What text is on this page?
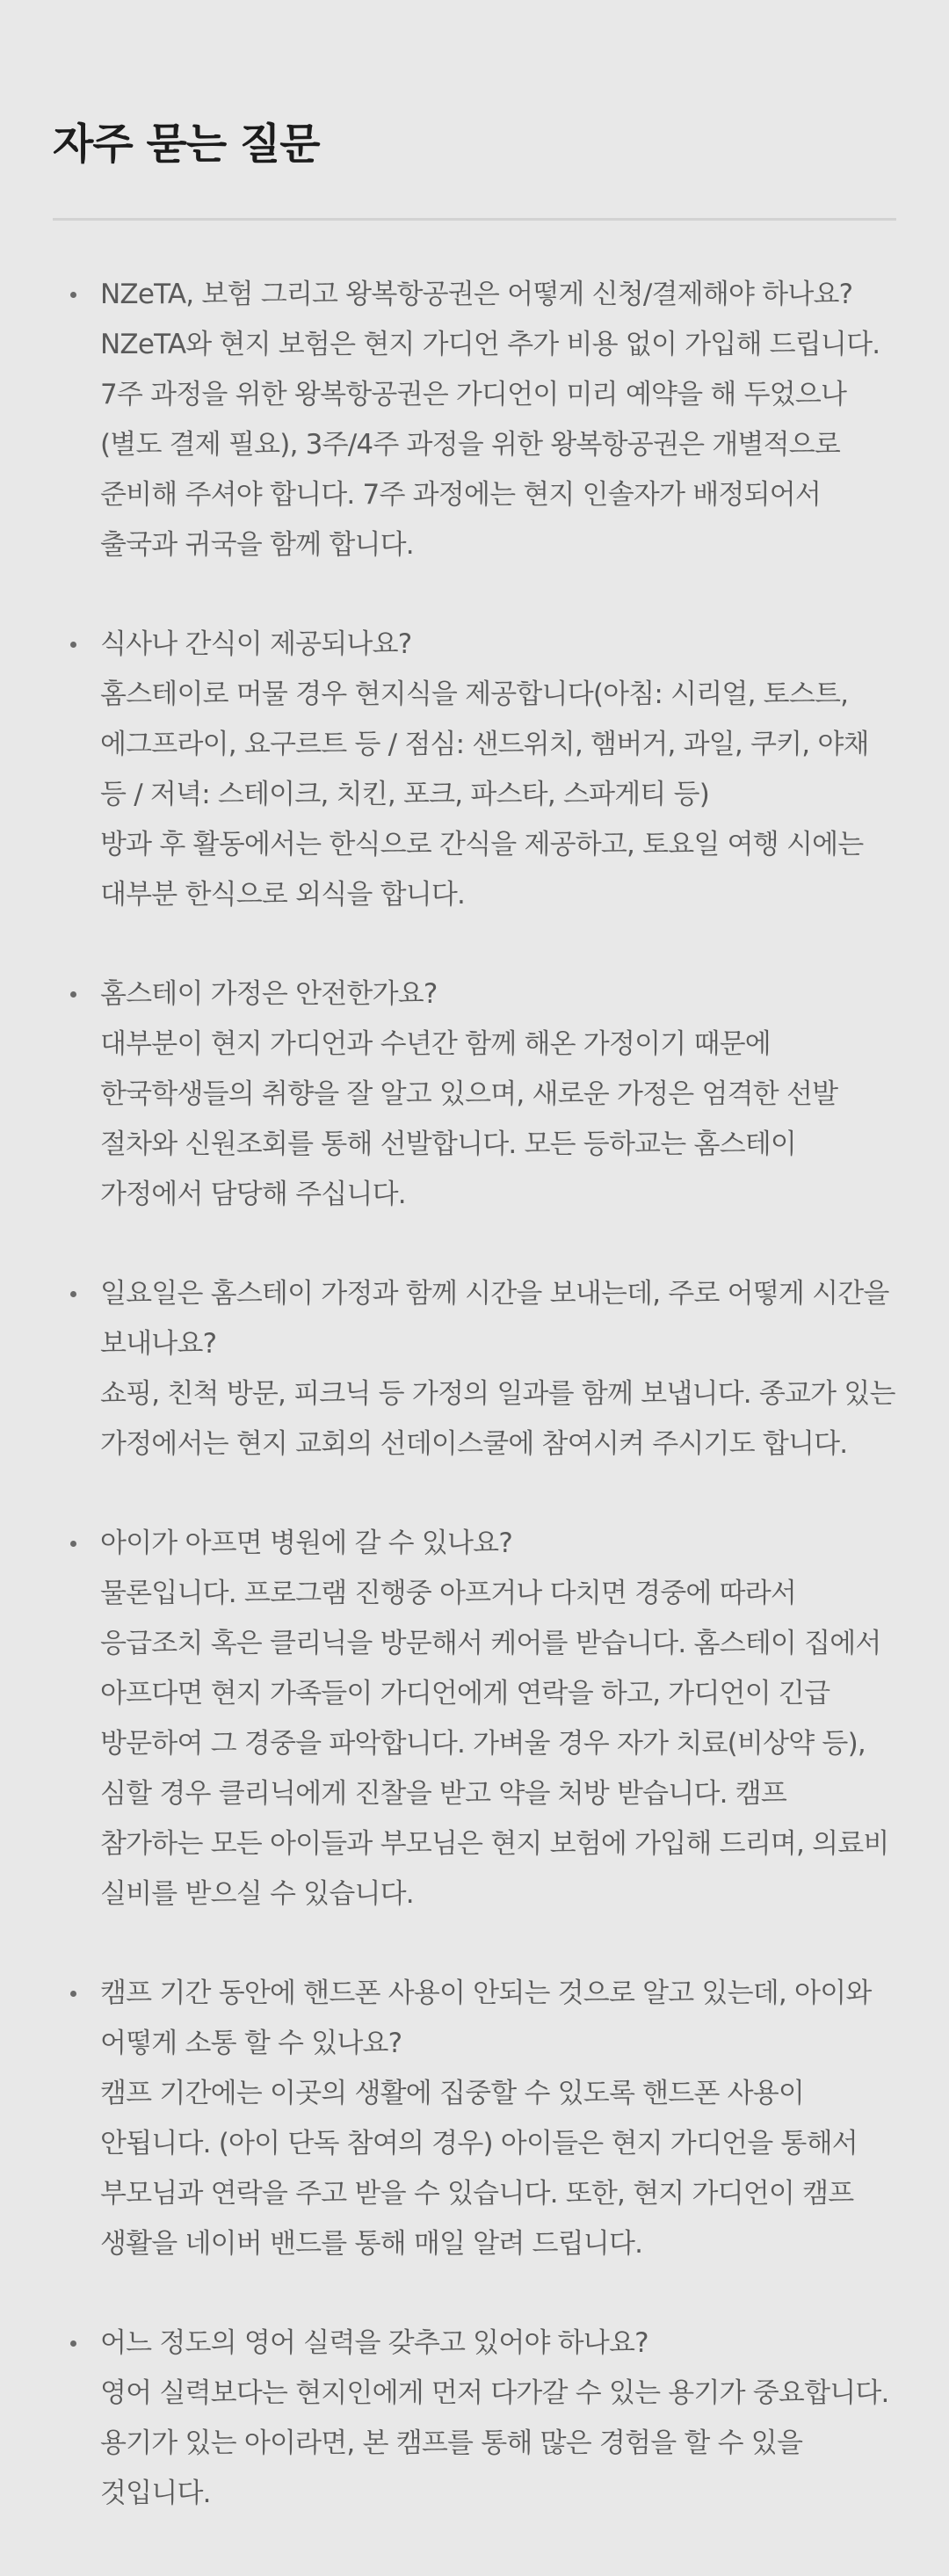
자주 묻는 질문
NZeTA, 보험 그리고 왕복항공권은 어떻게 신청/결제해야 하나요?
NZeTA와 현지 보험은 현지 가디언 추가 비용 없이 가입해 드립니다. 7주 과정을 위한 왕복항공권은 가디언이 미리 예약을 해 두었으나(별도 결제 필요), 3주/4주 과정을 위한 왕복항공권은 개별적으로 준비해 주셔야 합니다. 7주 과정에는 현지 인솔자가 배정되어서 출국과 귀국을 함께 합니다.
식사나 간식이 제공되나요?
홈스테이로 머물 경우 현지식을 제공합니다(아침: 시리얼, 토스트, 에그프라이, 요구르트 등 / 점심: 샌드위치, 햄버거, 과일, 쿠키, 야채 등 / 저녁: 스테이크, 치킨, 포크, 파스타, 스파게티 등)
방과 후 활동에서는 한식으로 간식을 제공하고, 토요일 여행 시에는 대부분 한식으로 외식을 합니다.
홈스테이 가정은 안전한가요?
대부분이 현지 가디언과 수년간 함께 해온 가정이기 때문에 한국학생들의 취향을 잘 알고 있으며, 새로운 가정은 엄격한 선발 절차와 신원조회를 통해 선발합니다. 모든 등하교는 홈스테이 가정에서 담당해 주십니다.
일요일은 홈스테이 가정과 함께 시간을 보내는데, 주로 어떻게 시간을 보내나요?
쇼핑, 친척 방문, 피크닉 등 가정의 일과를 함께 보냅니다. 종교가 있는 가정에서는 현지 교회의 선데이스쿨에 참여시켜 주시기도 합니다.
아이가 아프면 병원에 갈 수 있나요?
물론입니다. 프로그램 진행중 아프거나 다치면 경중에 따라서 응급조치 혹은 클리닉을 방문해서 케어를 받습니다. 홈스테이 집에서 아프다면 현지 가족들이 가디언에게 연락을 하고, 가디언이 긴급 방문하여 그 경중을 파악합니다. 가벼울 경우 자가 치료(비상약 등), 심할 경우 클리닉에게 진찰을 받고 약을 처방 받습니다. 캠프 참가하는 모든 아이들과 부모님은 현지 보험에 가입해 드리며, 의료비 실비를 받으실 수 있습니다.
캠프 기간 동안에 핸드폰 사용이 안되는 것으로 알고 있는데, 아이와 어떻게 소통 할 수 있나요?
캠프 기간에는 이곳의 생활에 집중할 수 있도록 핸드폰 사용이 안됩니다. (아이 단독 참여의 경우) 아이들은 현지 가디언을 통해서 부모님과 연락을 주고 받을 수 있습니다. 또한, 현지 가디언이 캠프 생활을 네이버 밴드를 통해 매일 알려 드립니다.
어느 정도의 영어 실력을 갖추고 있어야 하나요?
영어 실력보다는 현지인에게 먼저 다가갈 수 있는 용기가 중요합니다.
용기가 있는 아이라면, 본 캠프를 통해 많은 경험을 할 수 있을 것입니다.
